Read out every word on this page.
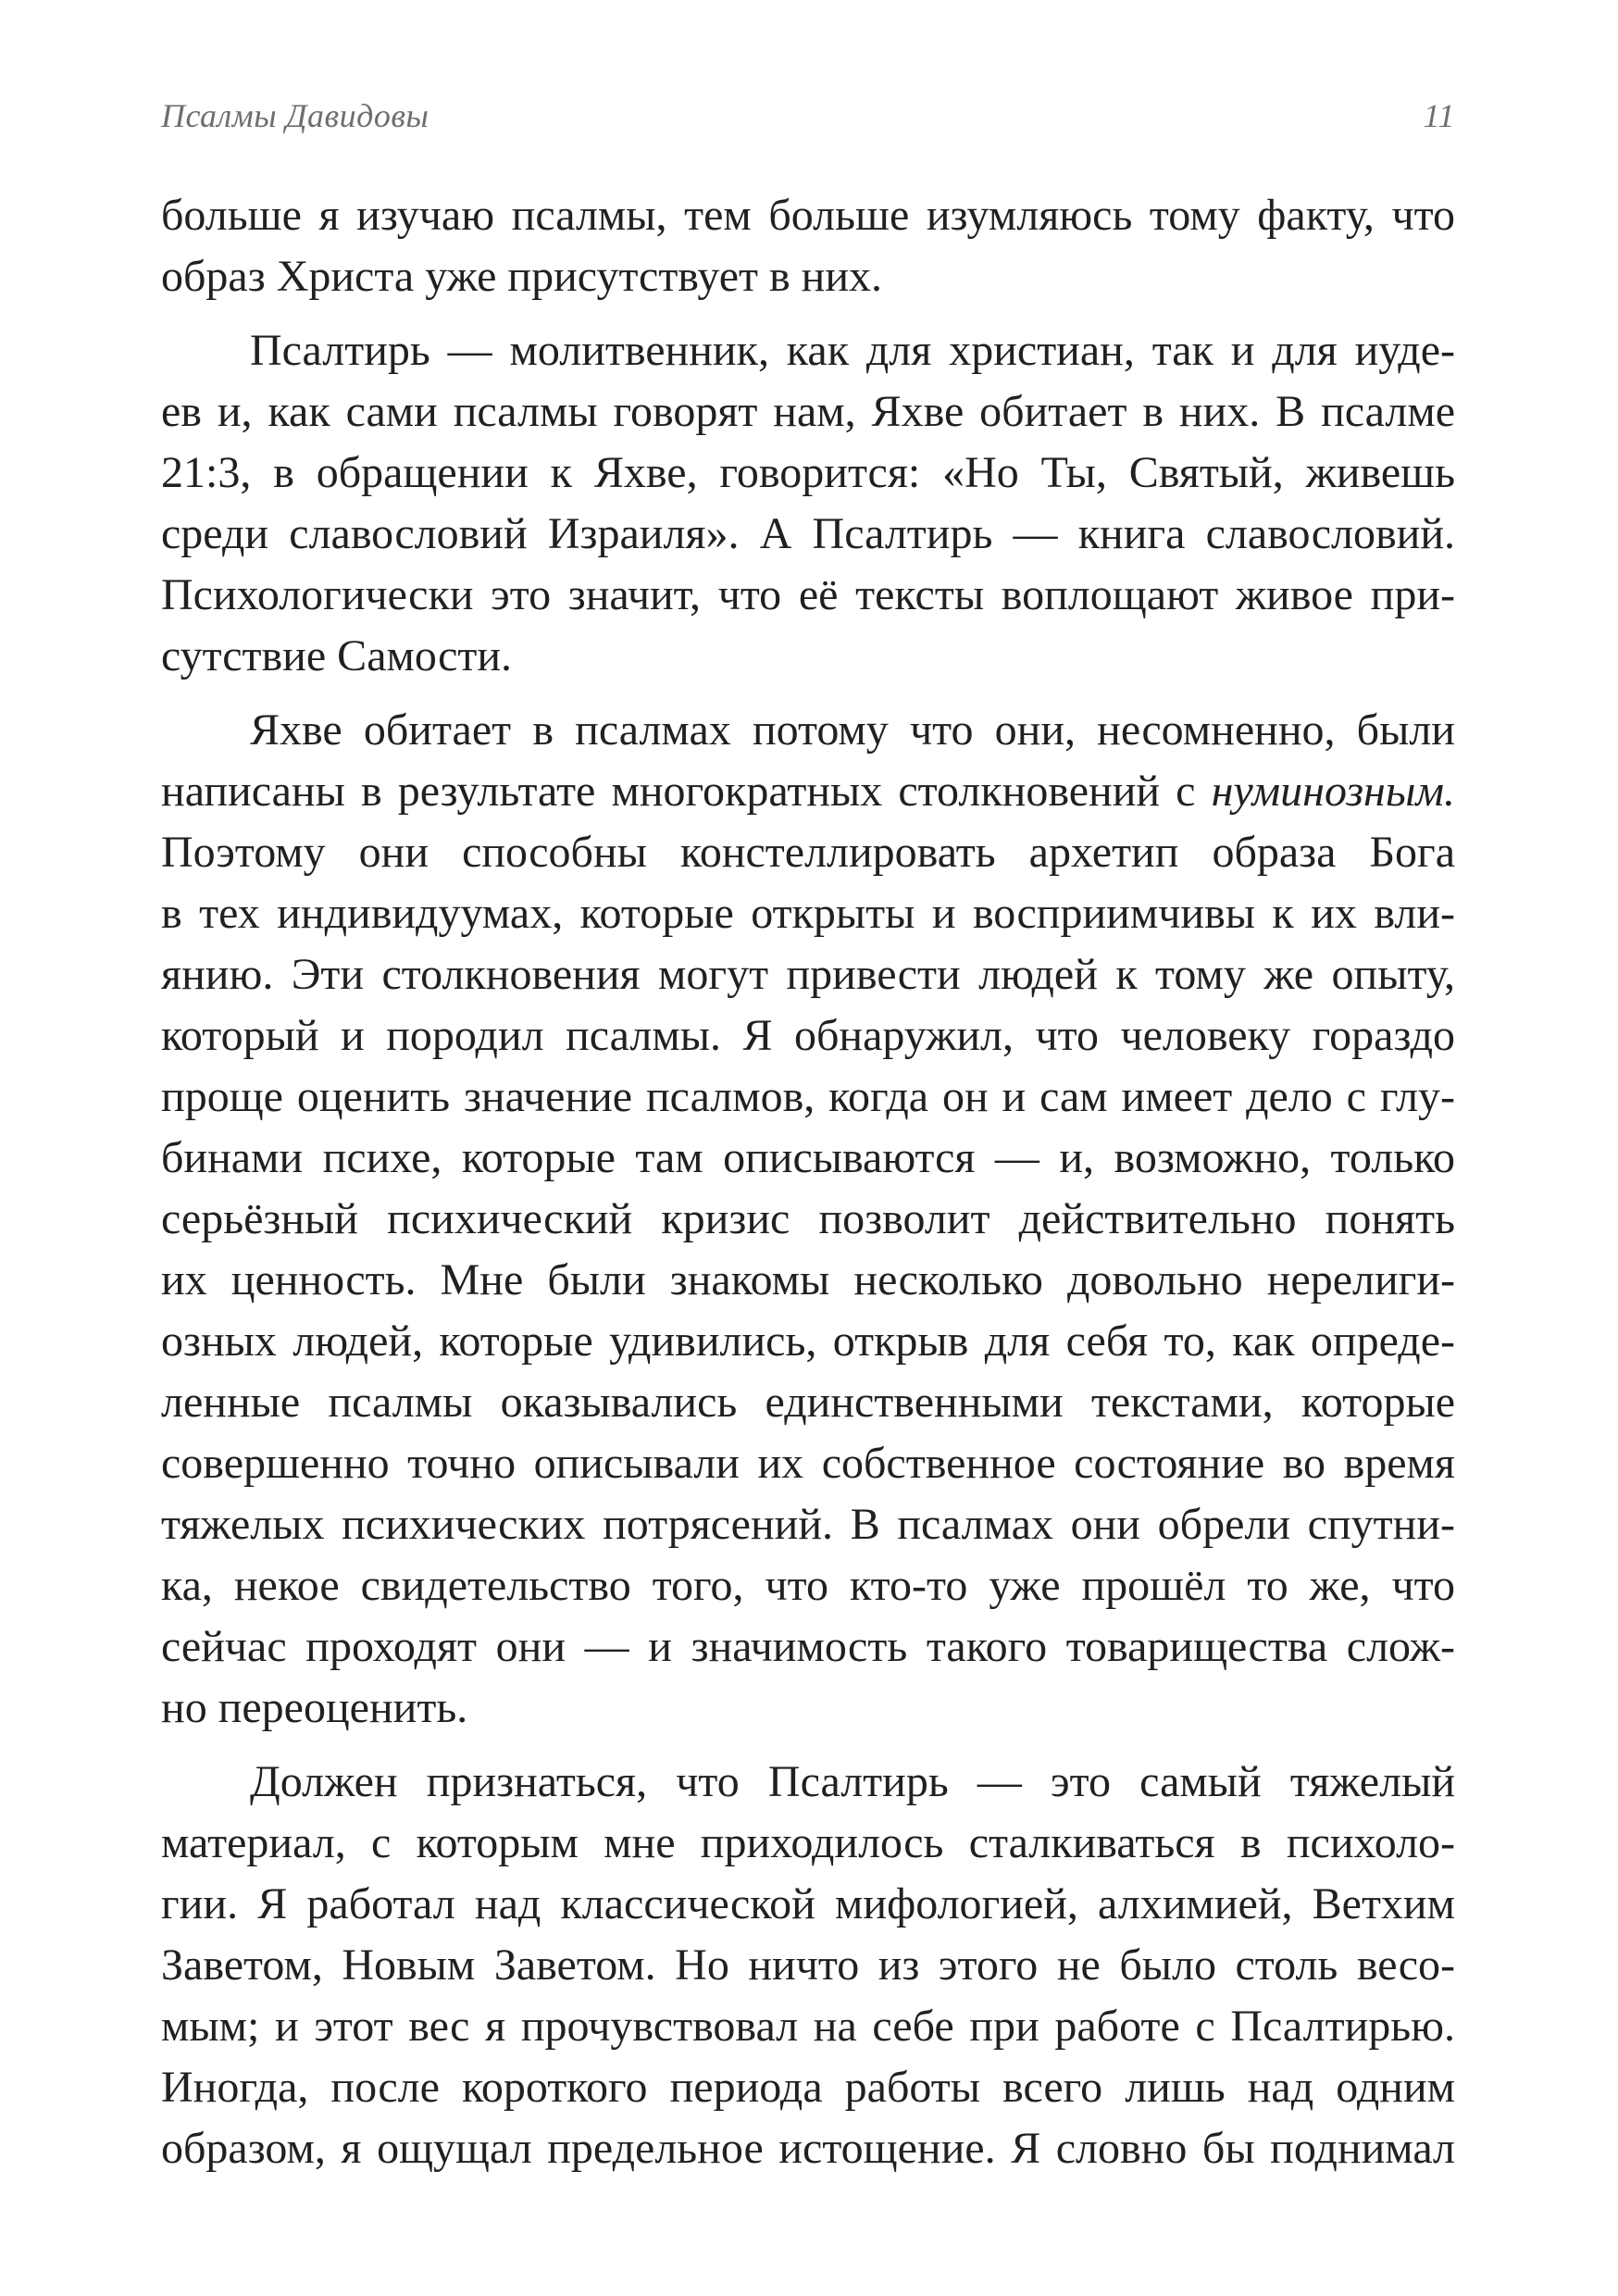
Псалмы Давидовы	11
больше я изучаю псалмы, тем больше изумляюсь тому факту, что
образ Христа уже присутствует в них.
Псалтирь — молитвенник, как для христиан, так и для иуде-
ев и, как сами псалмы говорят нам, Яхве обитает в них. В псалме
21:3, в обращении к Яхве, говорится: «Но Ты, Святый, живешь
среди славословий Израиля». А Псалтирь — книга славословий.
Психологически это значит, что её тексты воплощают живое при-
сутствие Самости.
Яхве обитает в псалмах потому что они, несомненно, были
написаны в результате многократных столкновений с нуминозным.
Поэтому они способны констеллировать архетип образа Бога
в тех индивидуумах, которые открыты и восприимчивы к их вли-
янию. Эти столкновения могут привести людей к тому же опыту,
который и породил псалмы. Я обнаружил, что человеку гораздо
проще оценить значение псалмов, когда он и сам имеет дело с глу-
бинами психе, которые там описываются — и, возможно, только
серьёзный психический кризис позволит действительно понять
их ценность. Мне были знакомы несколько довольно нерелиги-
озных людей, которые удивились, открыв для себя то, как опреде-
ленные псалмы оказывались единственными текстами, которые
совершенно точно описывали их собственное состояние во время
тяжелых психических потрясений. В псалмах они обрели спутни-
ка, некое свидетельство того, что кто-то уже прошёл то же, что
сейчас проходят они — и значимость такого товарищества слож-
но переоценить.
Должен признаться, что Псалтирь — это самый тяжелый
материал, с которым мне приходилось сталкиваться в психоло-
гии. Я работал над классической мифологией, алхимией, Ветхим
Заветом, Новым Заветом. Но ничто из этого не было столь весо-
мым; и этот вес я прочувствовал на себе при работе с Псалтирью.
Иногда, после короткого периода работы всего лишь над одним
образом, я ощущал предельное истощение. Я словно бы поднимал
